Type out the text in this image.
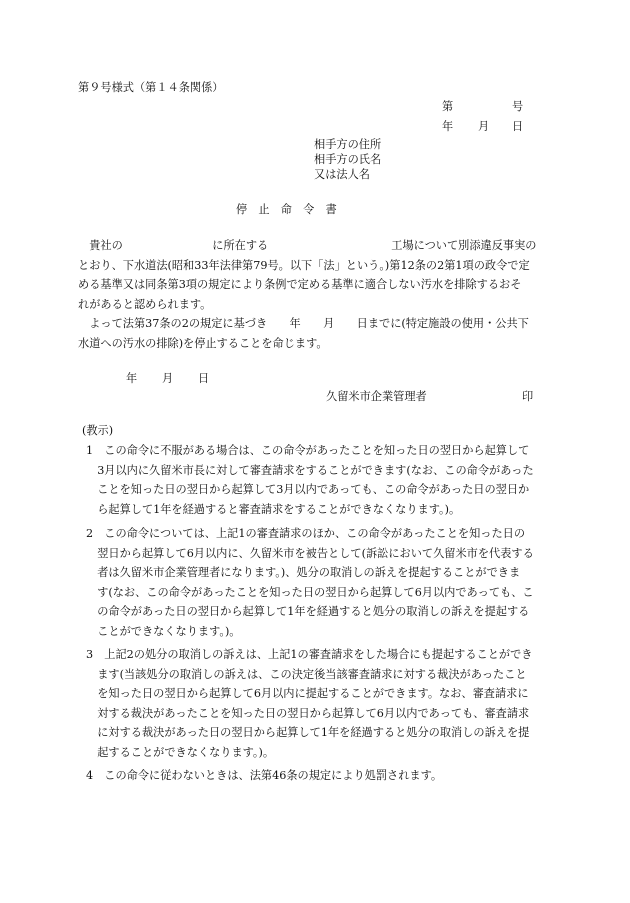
第９号様式（第１４条関係）
第	号
年 月 日
相手方の住所
相手方の氏名
又は法人名
停　止　命　令　書
　貴社の　　　　　　　　に所在する　　　　　　　　　　　工場について別添違反事実の
とおり、下水道法(昭和33年法律第79号。以下「法」という。)第12条の2第1項の政令で定
める基準又は同条第3項の規定により条例で定める基準に適合しない汚水を排除するおそ
れがあると認められます。
　よって法第37条の2の規定に基づき　　年　　月　　日までに(特定施設の使用・公共下
水道への汚水の排除)を停止することを命じます。
年 月 日
久留米市企業管理者	印
(教示)
1　この命令に不服がある場合は、この命令があったことを知った日の翌日から起算して
　3月以内に久留米市長に対して審査請求をすることができます(なお、この命令があった
　ことを知った日の翌日から起算して3月以内であっても、この命令があった日の翌日か
　ら起算して1年を経過すると審査請求をすることができなくなります。)。
2　この命令については、上記1の審査請求のほか、この命令があったことを知った日の
　翌日から起算して6月以内に、久留米市を被告として(訴訟において久留米市を代表する
　者は久留米市企業管理者になります。)、処分の取消しの訴えを提起することができま
　す(なお、この命令があったことを知った日の翌日から起算して6月以内であっても、こ
　の命令があった日の翌日から起算して1年を経過すると処分の取消しの訴えを提起する
　ことができなくなります。)。
3　上記2の処分の取消しの訴えは、上記1の審査請求をした場合にも提起することができ
　ます(当該処分の取消しの訴えは、この決定後当該審査請求に対する裁決があったこと
　を知った日の翌日から起算して6月以内に提起することができます。なお、審査請求に
　対する裁決があったことを知った日の翌日から起算して6月以内であっても、審査請求
　に対する裁決があった日の翌日から起算して1年を経過すると処分の取消しの訴えを提
　起することができなくなります。)。
4　この命令に従わないときは、法第46条の規定により処罰されます。
